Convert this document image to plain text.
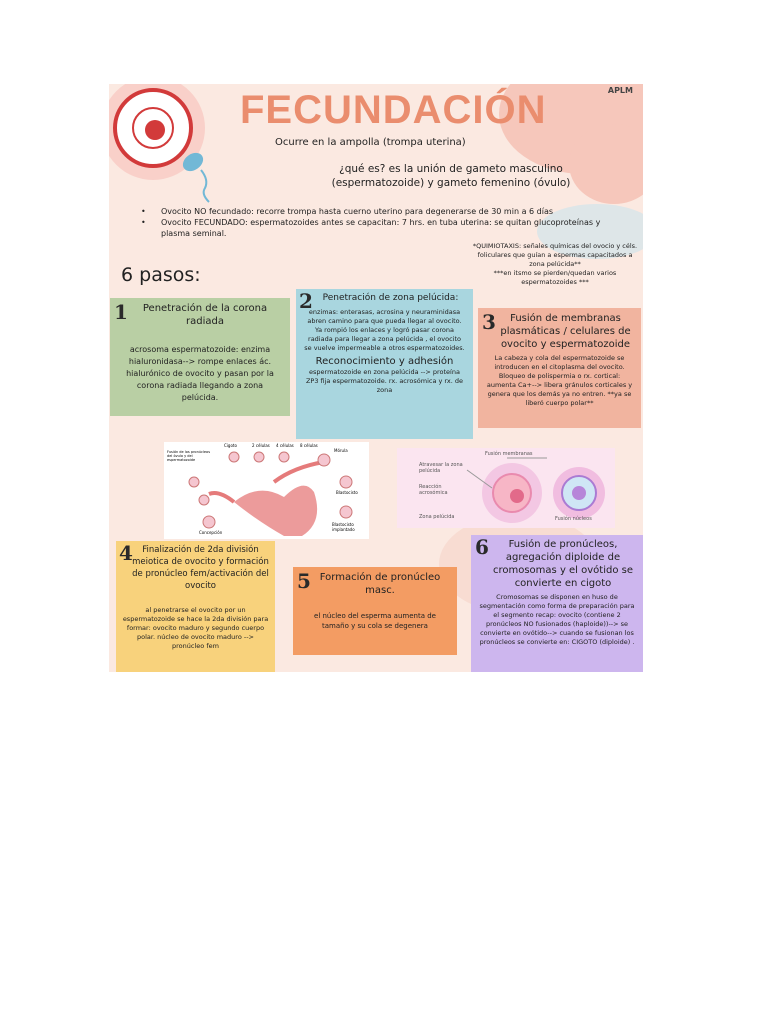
FECUNDACIÓN	APLM
Ocurre en la ampolla (trompa uterina)
¿qué es? es la unión de gameto masculino (espermatozoide) y gameto femenino (óvulo)
• Ovocito NO fecundado: recorre trompa hasta cuerno uterino para degenerarse de 30 min a 6 días
• Ovocito FECUNDADO: espermatozoides antes se capacitan: 7 hrs. en tuba uterina: se quitan glucoproteínas y plasma seminal.
*QUIMIOTAXIS: señales químicas del ovocio y céls. foliculares que guían a espermas capacitados a zona pelúcida**
***en itsmo se pierden/quedan varios espermatozoides ***
6 pasos:
1	Penetración de la corona radiada

acrosoma espermatozoide: enzima hialuronidasa--> rompe enlaces ác. hialurónico de ovocito y pasan por la corona radiada llegando a zona pelúcida.

2	Penetración de zona pelúcida:

enzimas: enterasas, acrosina y neuraminidasa abren camino para que pueda llegar al ovocito. Ya rompió los enlaces y logró pasar corona radiada para llegar a zona pelúcida , el ovocito se vuelve impermeable a otros espermatozoides.

Reconocimiento y adhesión

espermatozoide en zona pelúcida --> proteína ZP3 fija espermatozoide. rx. acrosómica y rx. de zona

3	Fusión de membranas plasmáticas / celulares de ovocito y espermatozoide

La cabeza y cola del espermatozoide se introducen en el citoplasma del ovocito. Bloqueo de polispermia o rx. cortical: aumenta Ca+--> libera gránulos corticales y genera que los demás ya no entren. **ya se liberó cuerpo polar**

Cigoto	2 células 4 células 8 células
Mórula
Blastocisto
Blastocisto implantado
Concepción
Fusión de los pronúcleos del óvulo y del espermatozoide
Fusión membranas
Atravesar la zona pelúcida
Reacción acrosómica
Zona pelúcida	Fusión núcleos
4	Finalización de 2da división meiotica de ovocito y formación de pronúcleo fem/activación del ovocito

al penetrarse el ovocito por un espermatozoide se hace la 2da división para formar: ovocito maduro y segundo cuerpo polar. núcleo de ovocito maduro --> pronúcleo fem

5 Formación de pronúcleo masc.

el núcleo del esperma aumenta de tamaño y su cola se degenera

6	Fusión de pronúcleos, agregación diploide de cromosomas y el ovótido se convierte en cigoto

Cromosomas se disponen en huso de segmentación como forma de preparación para el segmento recap: ovocito (contiene 2 pronúcleos NO fusionados (haploide))--> se convierte en ovótido--> cuando se fusionan los pronúcleos se convierte en: CIGOTO (diploide) .
